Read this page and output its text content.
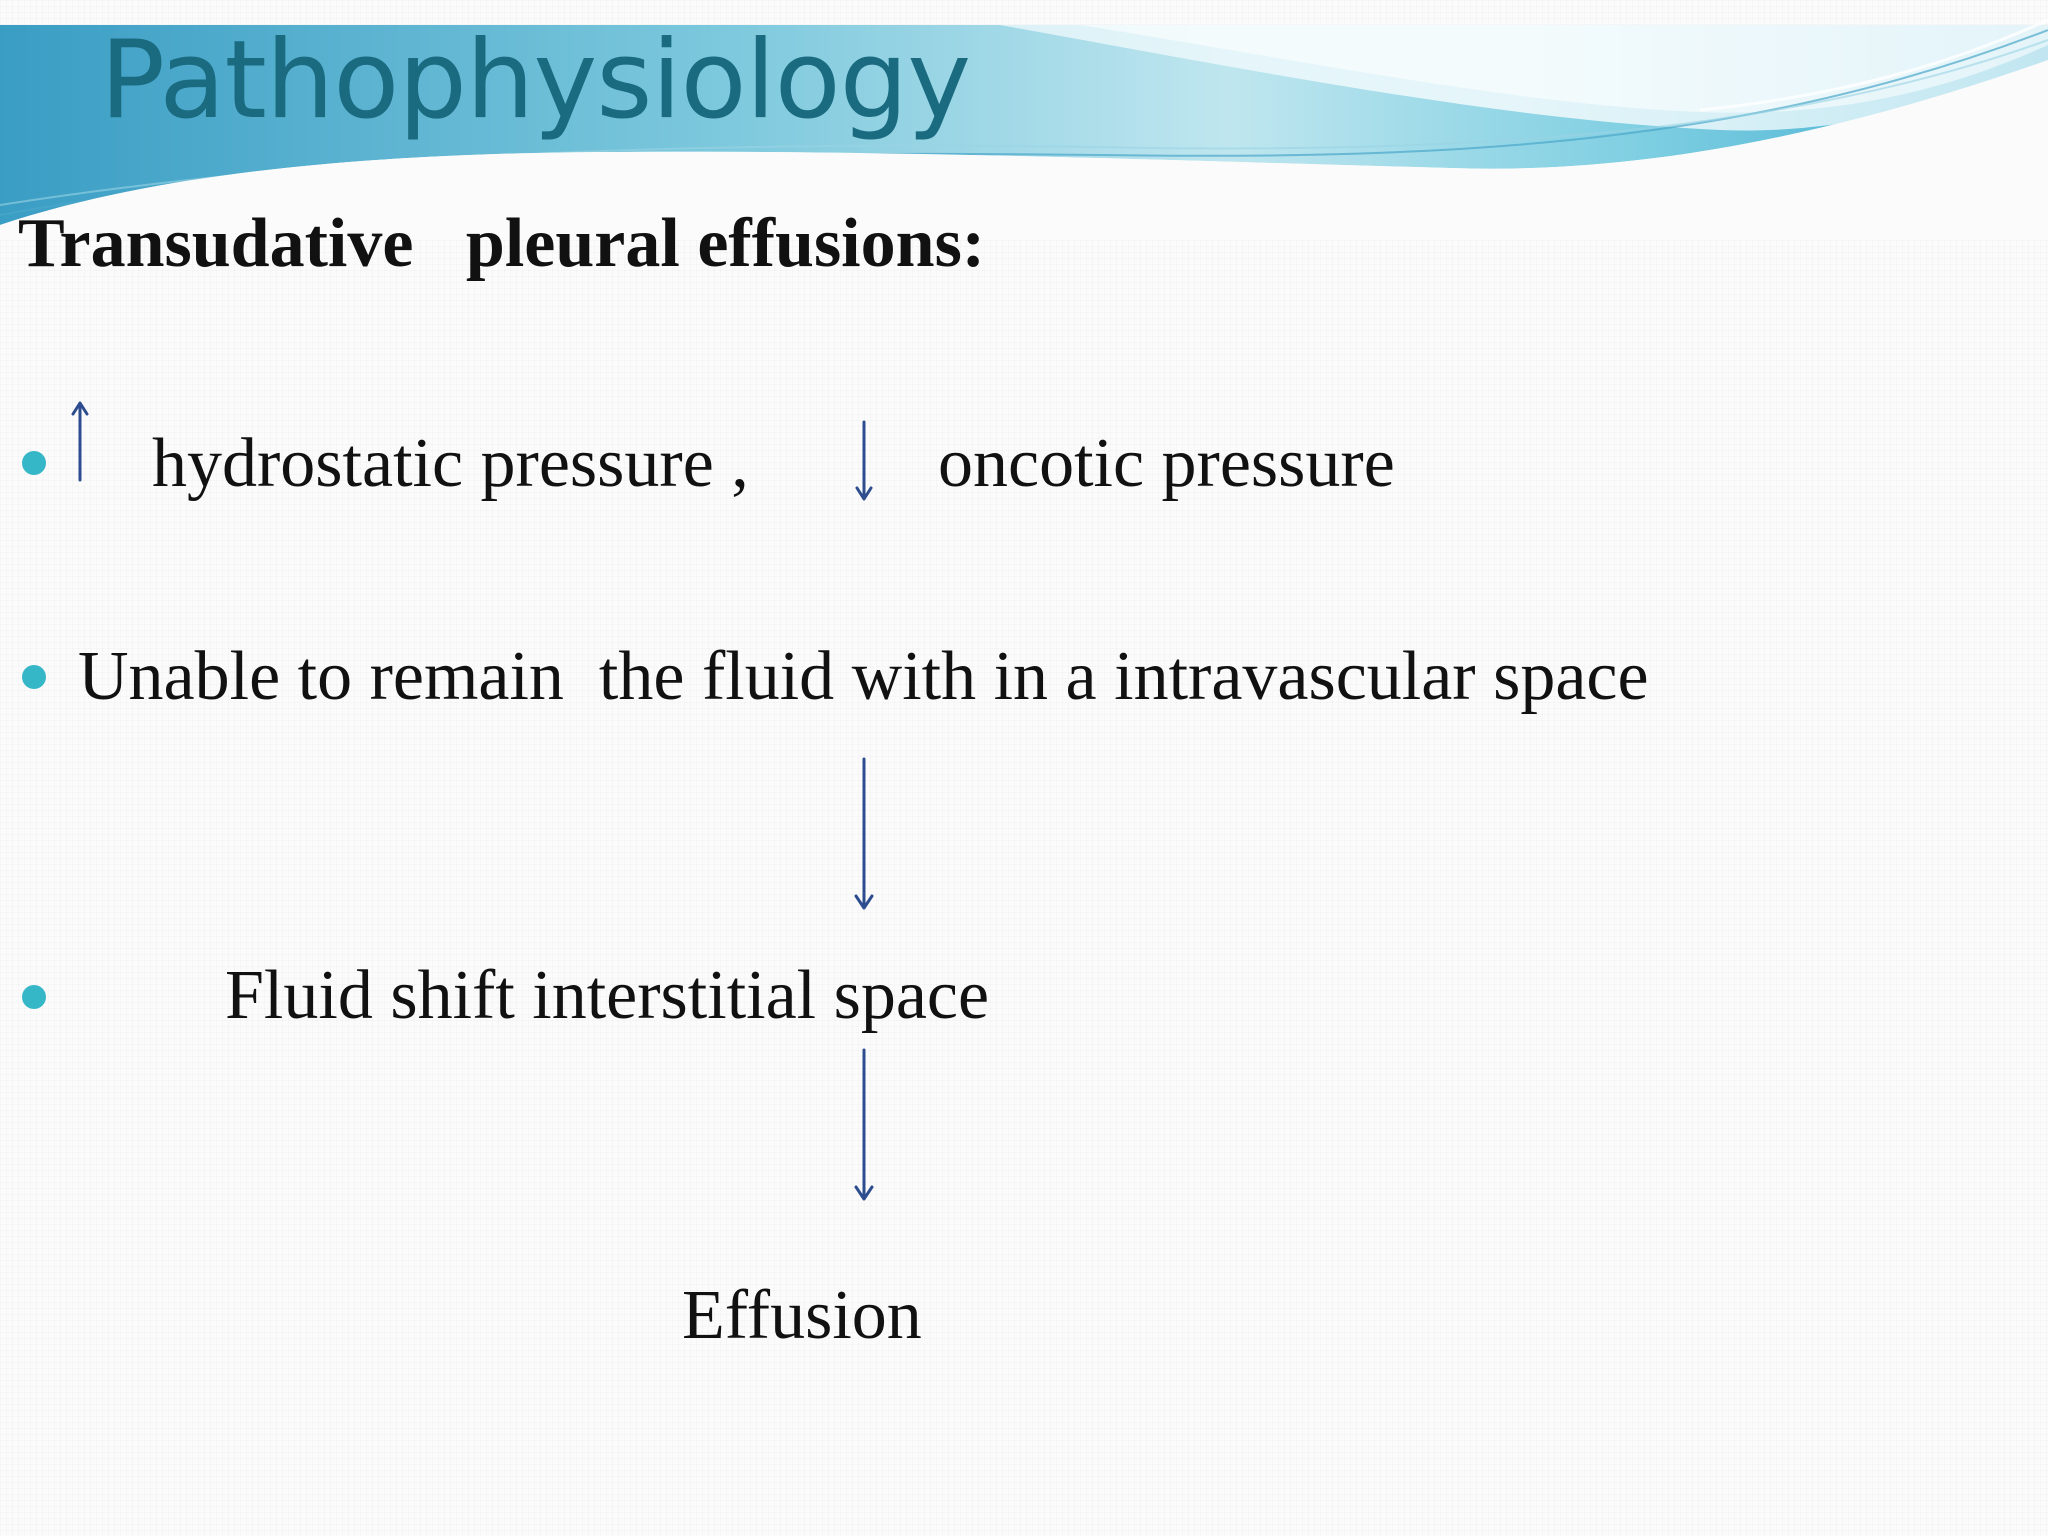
Pathophysiology
Transudative   pleural effusions:

hydrostatic pressure ,	oncotic pressure

Unable to remain  the fluid with in a intravascular space

Fluid shift interstitial space

Effusion
